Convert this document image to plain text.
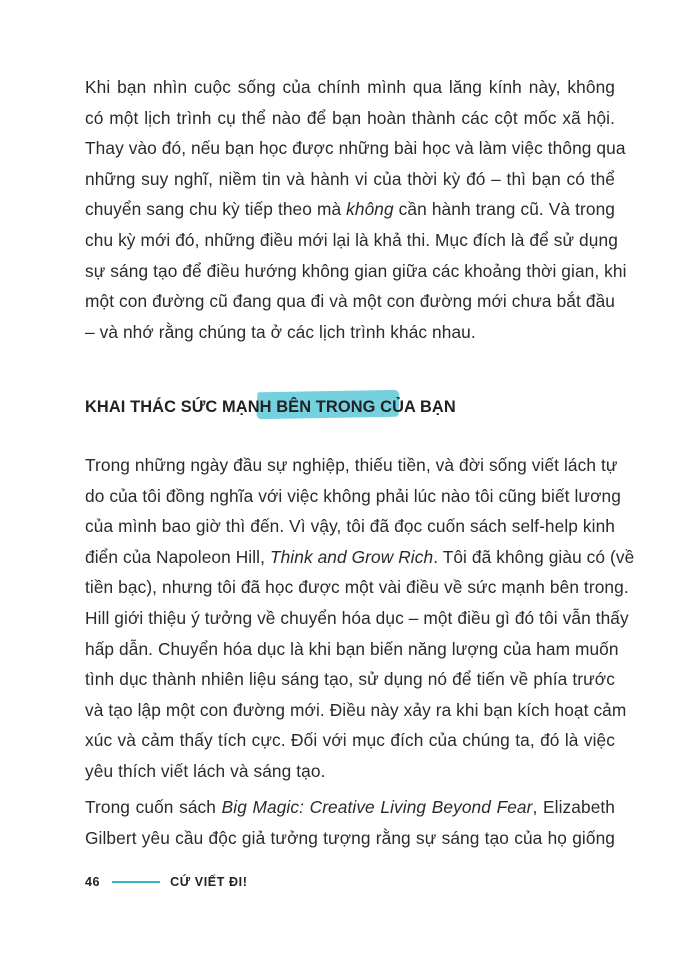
Khi bạn nhìn cuộc sống của chính mình qua lăng kính này, không
có một lịch trình cụ thể nào để bạn hoàn thành các cột mốc xã hội.
Thay vào đó, nếu bạn học được những bài học và làm việc thông qua
những suy nghĩ, niềm tin và hành vi của thời kỳ đó – thì bạn có thể
chuyển sang chu kỳ tiếp theo mà không cần hành trang cũ. Và trong
chu kỳ mới đó, những điều mới lại là khả thi. Mục đích là để sử dụng
sự sáng tạo để điều hướng không gian giữa các khoảng thời gian, khi
một con đường cũ đang qua đi và một con đường mới chưa bắt đầu
– và nhớ rằng chúng ta ở các lịch trình khác nhau.
KHAI THÁC SỨC MẠNH BÊN TRONG CỦA BẠN
Trong những ngày đầu sự nghiệp, thiếu tiền, và đời sống viết lách tự
do của tôi đồng nghĩa với việc không phải lúc nào tôi cũng biết lương
của mình bao giờ thì đến. Vì vậy, tôi đã đọc cuốn sách self-help kinh
điển của Napoleon Hill, Think and Grow Rich. Tôi đã không giàu có (về
tiền bạc), nhưng tôi đã học được một vài điều về sức mạnh bên trong.
Hill giới thiệu ý tưởng về chuyển hóa dục – một điều gì đó tôi vẫn thấy
hấp dẫn. Chuyển hóa dục là khi bạn biến năng lượng của ham muốn
tình dục thành nhiên liệu sáng tạo, sử dụng nó để tiến về phía trước
và tạo lập một con đường mới. Điều này xảy ra khi bạn kích hoạt cảm
xúc và cảm thấy tích cực. Đối với mục đích của chúng ta, đó là việc
yêu thích viết lách và sáng tạo.
Trong cuốn sách Big Magic: Creative Living Beyond Fear, Elizabeth
Gilbert yêu cầu độc giả tưởng tượng rằng sự sáng tạo của họ giống
46	CỨ VIẾT ĐI!
